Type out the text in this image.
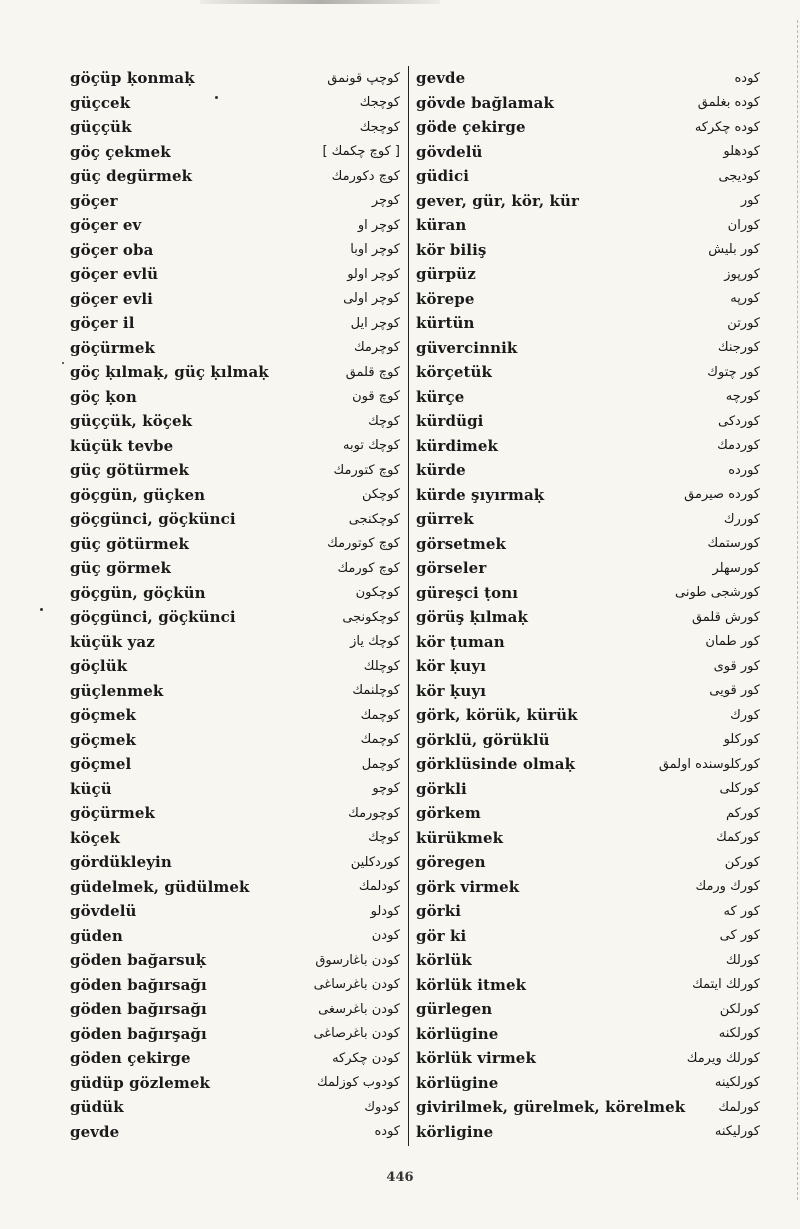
göçüp ḳonmaḳ	كوچپ قونمق
güçcek	كوچجك
güççük	كوچجك
göç çekmek	[ كوچ چكمك ]
güç degürmek	كوچ دكورمك
göçer	كوچر
göçer ev	كوچر او
göçer oba	كوچر اوبا
göçer evlü	كوچر اولو
göçer evli	كوچر اولى
göçer il	كوچر ايل
göçürmek	كوچرمك
göç ḳılmaḳ, güç ḳılmaḳ	كوچ قلمق
göç ḳon	كوچ قون
güççük, köçek	كوچك
küçük tevbe	كوچك توبه
güç götürmek	كوچ كتورمك
göçgün, güçken	كوچكن
göçgünci, göçkünci	كوچكنجى
güç götürmek	كوچ كوتورمك
güç görmek	كوچ كورمك
göçgün, göçkün	كوچكون
göçgünci, göçkünci	كوچكونجى
küçük yaz	كوچك ياز
göçlük	كوچلك
güçlenmek	كوچلنمك
göçmek	كوچمك
göçmek	كوچمك
göçmel	كوچمل
küçü	كوچو
göçürmek	كوچورمك
köçek	كوچك
gördükleyin	كوردكلين
güdelmek, güdülmek	كودلمك
gövdelü	كودلو
güden	كودن
göden bağarsuḳ	كودن باغارسوق
göden bağırsağı	كودن باغرساغى
göden bağırsağı	كودن باغرسغى
göden bağırşağı	كودن باغرصاغى
göden çekirge	كودن چكركه
güdüp gözlemek	كودوب كوزلمك
güdük	كودوك
gevde	كوده
gevde	كوده
gövde bağlamak	كوده بغلمق
göde çekirge	كوده چكركه
gövdelü	كودهلو
güdici	كوديجى
gever, gür, kör, kür	كور
küran	كوران
kör biliş	كور بليش
gürpüz	كورپوز
körepe	كورپه
kürtün	كورتن
güvercinnik	كورجنك
körçetük	كور چتوك
kürçe	كورچه
kürdügi	كوردكى
kürdimek	كوردمك
kürde	كورده
kürde şıyırmaḳ	كورده صيرمق
gürrek	كوررك
görsetmek	كورستمك
görseler	كورسهلر
güreşci ṭonı	كورشجى طونى
görüş ḳılmaḳ	كورش قلمق
kör ṭuman	كور طمان
kör ḳuyı	كور قوى
kör ḳuyı	كور قويى
görk, körük, kürük	كورك
görklü, görüklü	كوركلو
görklüsinde olmaḳ	كوركلوسنده اولمق
görkli	كوركلى
görkem	كوركم
kürükmek	كوركمك
göregen	كوركن
görk virmek	كورك ورمك
görki	كور كه
gör ki	كور كى
körlük	كورلك
körlük itmek	كورلك ايتمك
gürlegen	كورلكن
körlügine	كورلكنه
körlük virmek	كورلك ويرمك
körlügine	كورلكينه
givirilmek, gürelmek, körelmek	كورلمك
körligine	كورليكنه
446
